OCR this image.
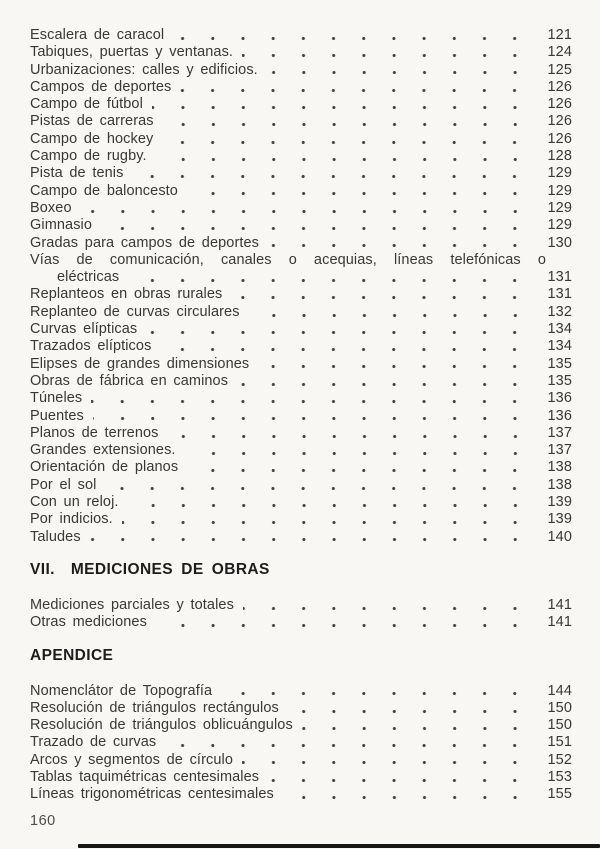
Escalera de caracol	121
Tabiques, puertas y ventanas.	124
Urbanizaciones: calles y edificios.	125
Campos de deportes	126
Campo de fútbol	126
Pistas de carreras	126
Campo de hockey	126
Campo de rugby.	128
Pista de tenis	129
Campo de baloncesto	129
Boxeo	129
Gimnasio	129
Gradas para campos de deportes	130
Vías de comunicación, canales o acequias, líneas telefónicas o
eléctricas	131
Replanteos en obras rurales	131
Replanteo de curvas circulares	132
Curvas elípticas	134
Trazados elípticos	134
Elipses de grandes dimensiones	135
Obras de fábrica en caminos	135
Túneles	136
Puentes	136
Planos de terrenos	137
Grandes extensiones.	137
Orientación de planos	138
Por el sol	138
Con un reloj.	139
Por indicios.	139
Taludes	140
VII. MEDICIONES DE OBRAS
Mediciones parciales y totales	141
Otras mediciones	141
APENDICE
Nomenclátor de Topografía	144
Resolución de triángulos rectángulos	150
Resolución de triángulos oblicuángulos	150
Trazado de curvas	151
Arcos y segmentos de círculo	152
Tablas taquimétricas centesimales	153
Líneas trigonométricas centesimales	155
160
